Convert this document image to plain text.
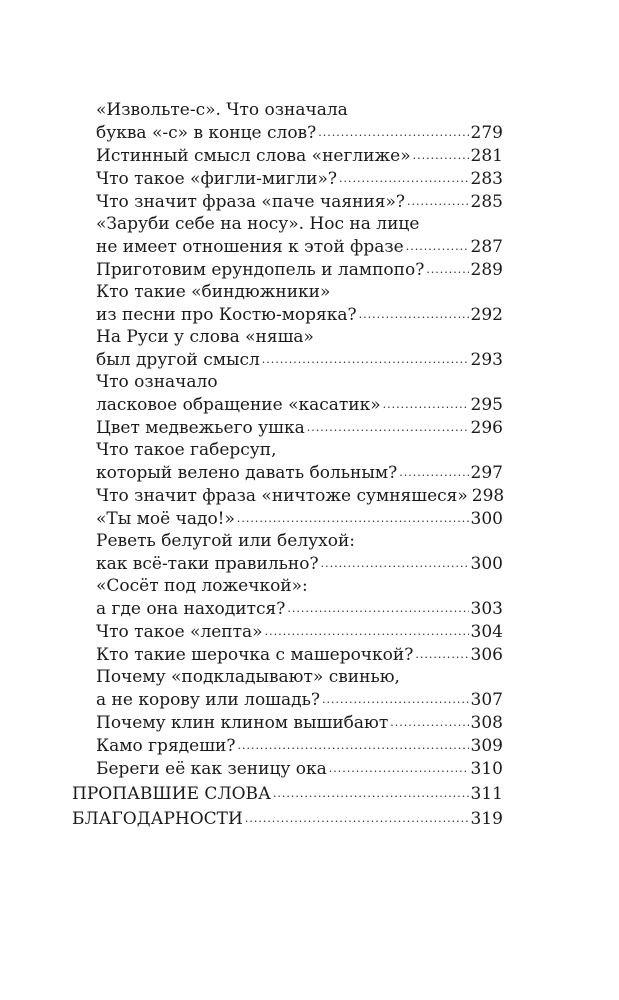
«Извольте-с». Что означала
буква «-с» в конце слов? .....	279
Истинный смысл слова «неглиже» .....	281
Что такое «фигли-мигли»? .....	283
Что значит фраза «паче чаяния»? .....	285
«Заруби себе на носу». Нос на лице
не имеет отношения к этой фразе .....	287
Приготовим ерундопель и лампопо? .....	289
Кто такие «биндюжники»
из песни про Костю-моряка? .....	292
На Руси у слова «няша»
был другой смысл .....	293
Что означало
ласковое обращение «касатик» .....	295
Цвет медвежьего ушка .....	296
Что такое габерсуп,
который велено давать больным? .....	297
Что значит фраза «ничтоже сумняшеся» 298
«Ты моё чадо!» .....	300
Реветь белугой или белухой:
как всё-таки правильно? .....	300
«Сосёт под ложечкой»:
а где она находится? .....	303
Что такое «лепта» .....	304
Кто такие шерочка с машерочкой? .....	306
Почему «подкладывают» свинью,
а не корову или лошадь? .....	307
Почему клин клином вышибают .....	308
Камо грядеши? .....	309
Береги её как зеницу ока .....	310
ПРОПАВШИЕ СЛОВА .....	311
БЛАГОДАРНОСТИ .....	319
